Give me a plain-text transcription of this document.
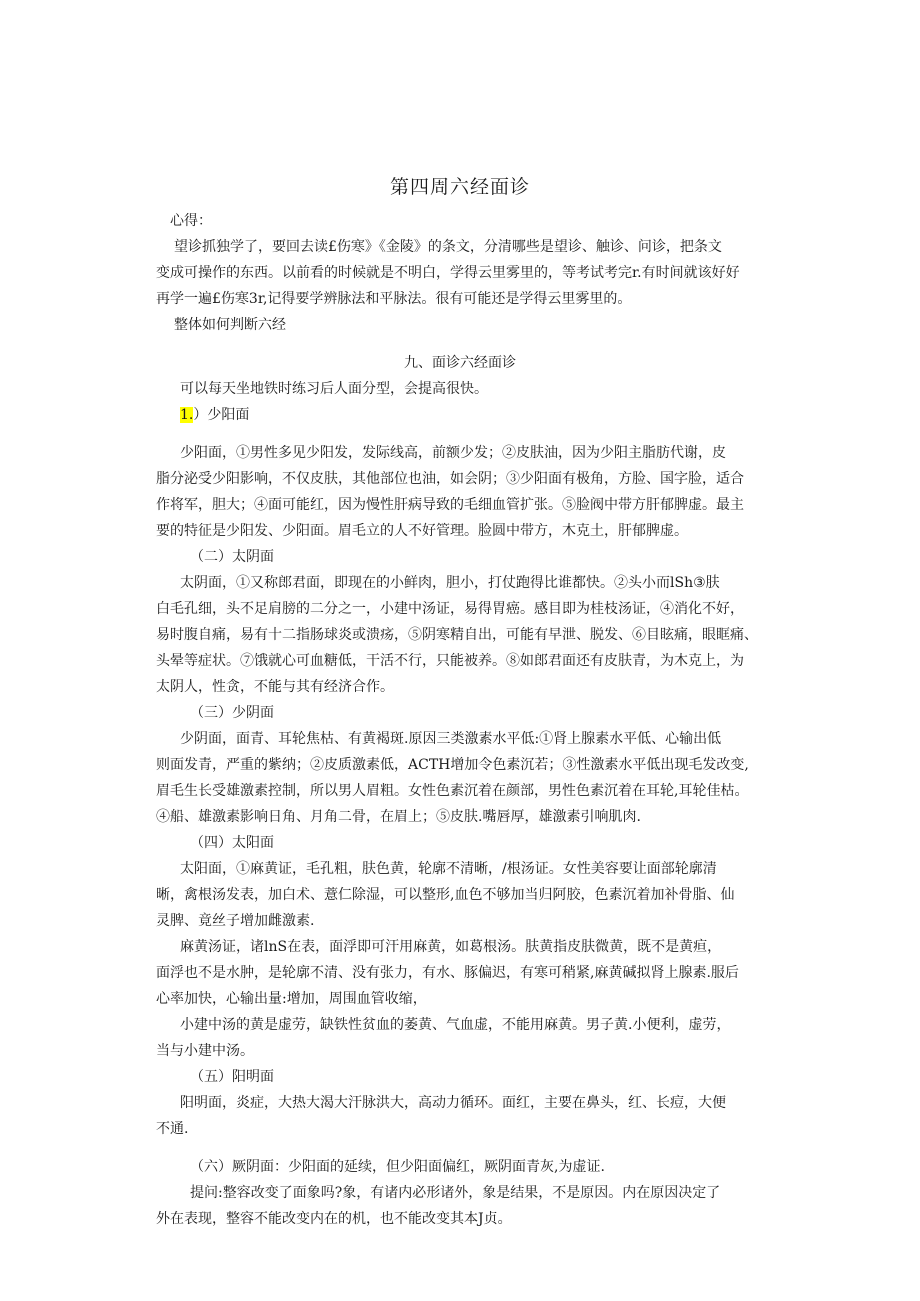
第四周六经面诊
心得：
望诊抓独学了，要回去读£伤寒》《金陵》的条文，分清哪些是望诊、触诊、问诊，把条文
变成可操作的东西。以前看的时候就是不明白，学得云里雾里的，等考试考完r.有时间就该好好
再学一遍£伤寒3r,记得要学辨脉法和平脉法。很有可能还是学得云里雾里的。
整体如何判断六经
九、面诊六经面诊
可以每天坐地铁时练习后人面分型，会提高很快。
1.）少阳面
少阳面，①男性多见少阳发，发际线高，前额少发；②皮肤油，因为少阳主脂肪代谢，皮
脂分泌受少阳影响，不仅皮肤，其他部位也油，如会阴；③少阳面有极角，方脸、国字脸，适合
作将军，胆大；④面可能红，因为慢性肝病导致的毛细血管扩张。⑤脸阀中带方肝郁脾虚。最主
要的特征是少阳发、少阳面。眉毛立的人不好管理。脸圆中带方，木克土，肝郁脾虚。
（二）太阴面
太阴面，①又称郎君面，即现在的小鲜肉，胆小，打仗跑得比谁都快。②头小而lSh③肤
白毛孔细，头不足肩膀的二分之一，小建中汤证，易得胃癌。感目即为桂枝汤证，④消化不好，
易时腹自痛，易有十二指肠球炎或溃疡，⑤阴寒精自出，可能有早泄、脱发、⑥目眩痛，眼眶痛、
头晕等症状。⑦饿就心可血糖低，干活不行，只能被养。⑧如郎君面还有皮肤青，为木克上，为
太阴人，性贪，不能与其有经济合作。
（三）少阴面
少阴面，面青、耳轮焦枯、有黄褐斑.原因三类激素水平低:①肾上腺素水平低、心输出低
则面发青，严重的紫纳；②皮质激素低，ACTH增加令色素沉若；③性激素水平低出现毛发改变,
眉毛生长受雄激素控制，所以男人眉粗。女性色素沉着在颜部，男性色素沉着在耳轮,耳轮佳枯。
④船、雄激素影响日角、月角二骨，在眉上；⑤皮肤.嘴唇厚，雄激素引响肌肉.
（四）太阳面
太阳面，①麻黄证，毛孔粗，肤色黄，轮廓不清晰，/根汤证。女性美容要让面部轮廓清
晰，禽根汤发表，加白术、薏仁除湿，可以整形,血色不够加当归阿胶，色素沉着加补骨脂、仙
灵脾、竟丝子增加雌激素.
麻黄汤证，诸lnS在表，面浮即可汗用麻黄，如葛根汤。肤黄指皮肤微黄，既不是黄疸，
面浮也不是水肿，是轮廓不清、没有张力，有水、豚偏迟，有寒可稍紧,麻黄碱拟肾上腺素.服后
心率加快，心输出量:增加，周围血管收缩，
小建中汤的黄是虚劳，缺铁性贫血的萎黄、气血虚，不能用麻黄。男子黄.小便利，虚劳，
当与小建中汤。
（五）阳明面
阳明面，炎症，大热大渴大汗脉洪大，高动力循环。面红，主要在鼻头，红、长痘，大便
不通.
（六）厥阴面：少阳面的延续，但少阳面偏红，厥阴面青灰,为虚证.
提问:整容改变了面象吗?象，有诸内必形诸外，象是结果，不是原因。内在原因决定了
外在表现，整容不能改变内在的机，也不能改变其本J贞。
